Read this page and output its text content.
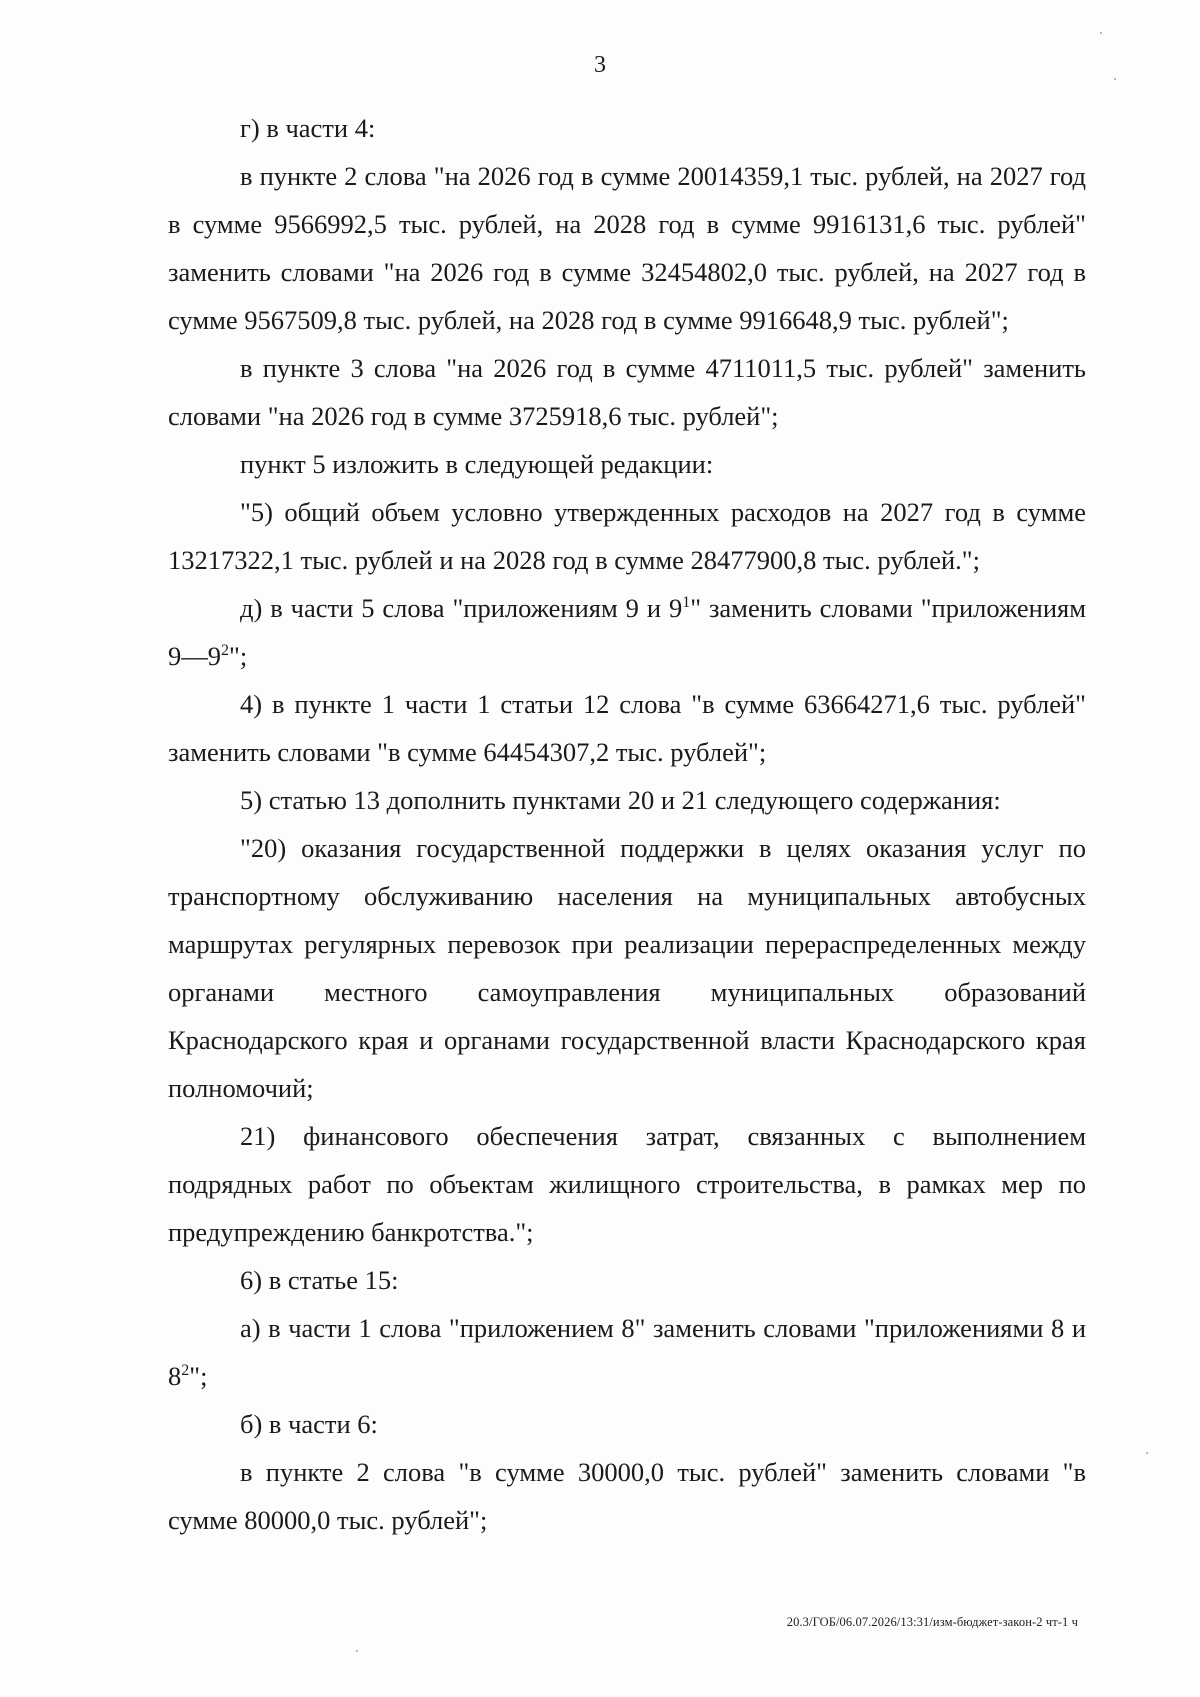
3

г) в части 4:

в пункте 2 слова "на 2026 год в сумме 20014359,1 тыс. рублей, на 2027 год в сумме 9566992,5 тыс. рублей, на 2028 год в сумме 9916131,6 тыс. рублей" заменить словами "на 2026 год в сумме 32454802,0 тыс. рублей, на 2027 год в сумме 9567509,8 тыс. рублей, на 2028 год в сумме 9916648,9 тыс. рублей";

в пункте 3 слова "на 2026 год в сумме 4711011,5 тыс. рублей" заменить словами "на 2026 год в сумме 3725918,6 тыс. рублей";

пункт 5 изложить в следующей редакции:

"5) общий объем условно утвержденных расходов на 2027 год в сумме 13217322,1 тыс. рублей и на 2028 год в сумме 28477900,8 тыс. рублей.";

д) в части 5 слова "приложениям 9 и $9^1$" заменить словами "приложениям $9—9^2$";

4) в пункте 1 части 1 статьи 12 слова "в сумме 63664271,6 тыс. рублей" заменить словами "в сумме 64454307,2 тыс. рублей";

5) статью 13 дополнить пунктами 20 и 21 следующего содержания:

"20) оказания государственной поддержки в целях оказания услуг по транспортному обслуживанию населения на муниципальных автобусных маршрутах регулярных перевозок при реализации перераспределенных между органами местного самоуправления муниципальных образований Краснодарского края и органами государственной власти Краснодарского края полномочий;

21) финансового обеспечения затрат, связанных с выполнением подрядных работ по объектам жилищного строительства, в рамках мер по предупреждению банкротства.";

6) в статье 15:

а) в части 1 слова "приложением 8" заменить словами "приложениями 8 и $8^2$";

б) в части 6:

в пункте 2 слова "в сумме 30000,0 тыс. рублей" заменить словами "в сумме 80000,0 тыс. рублей";

20.3/ГОБ/06.07.2026/13:31/изм-бюджет-закон-2 чт-1 ч
